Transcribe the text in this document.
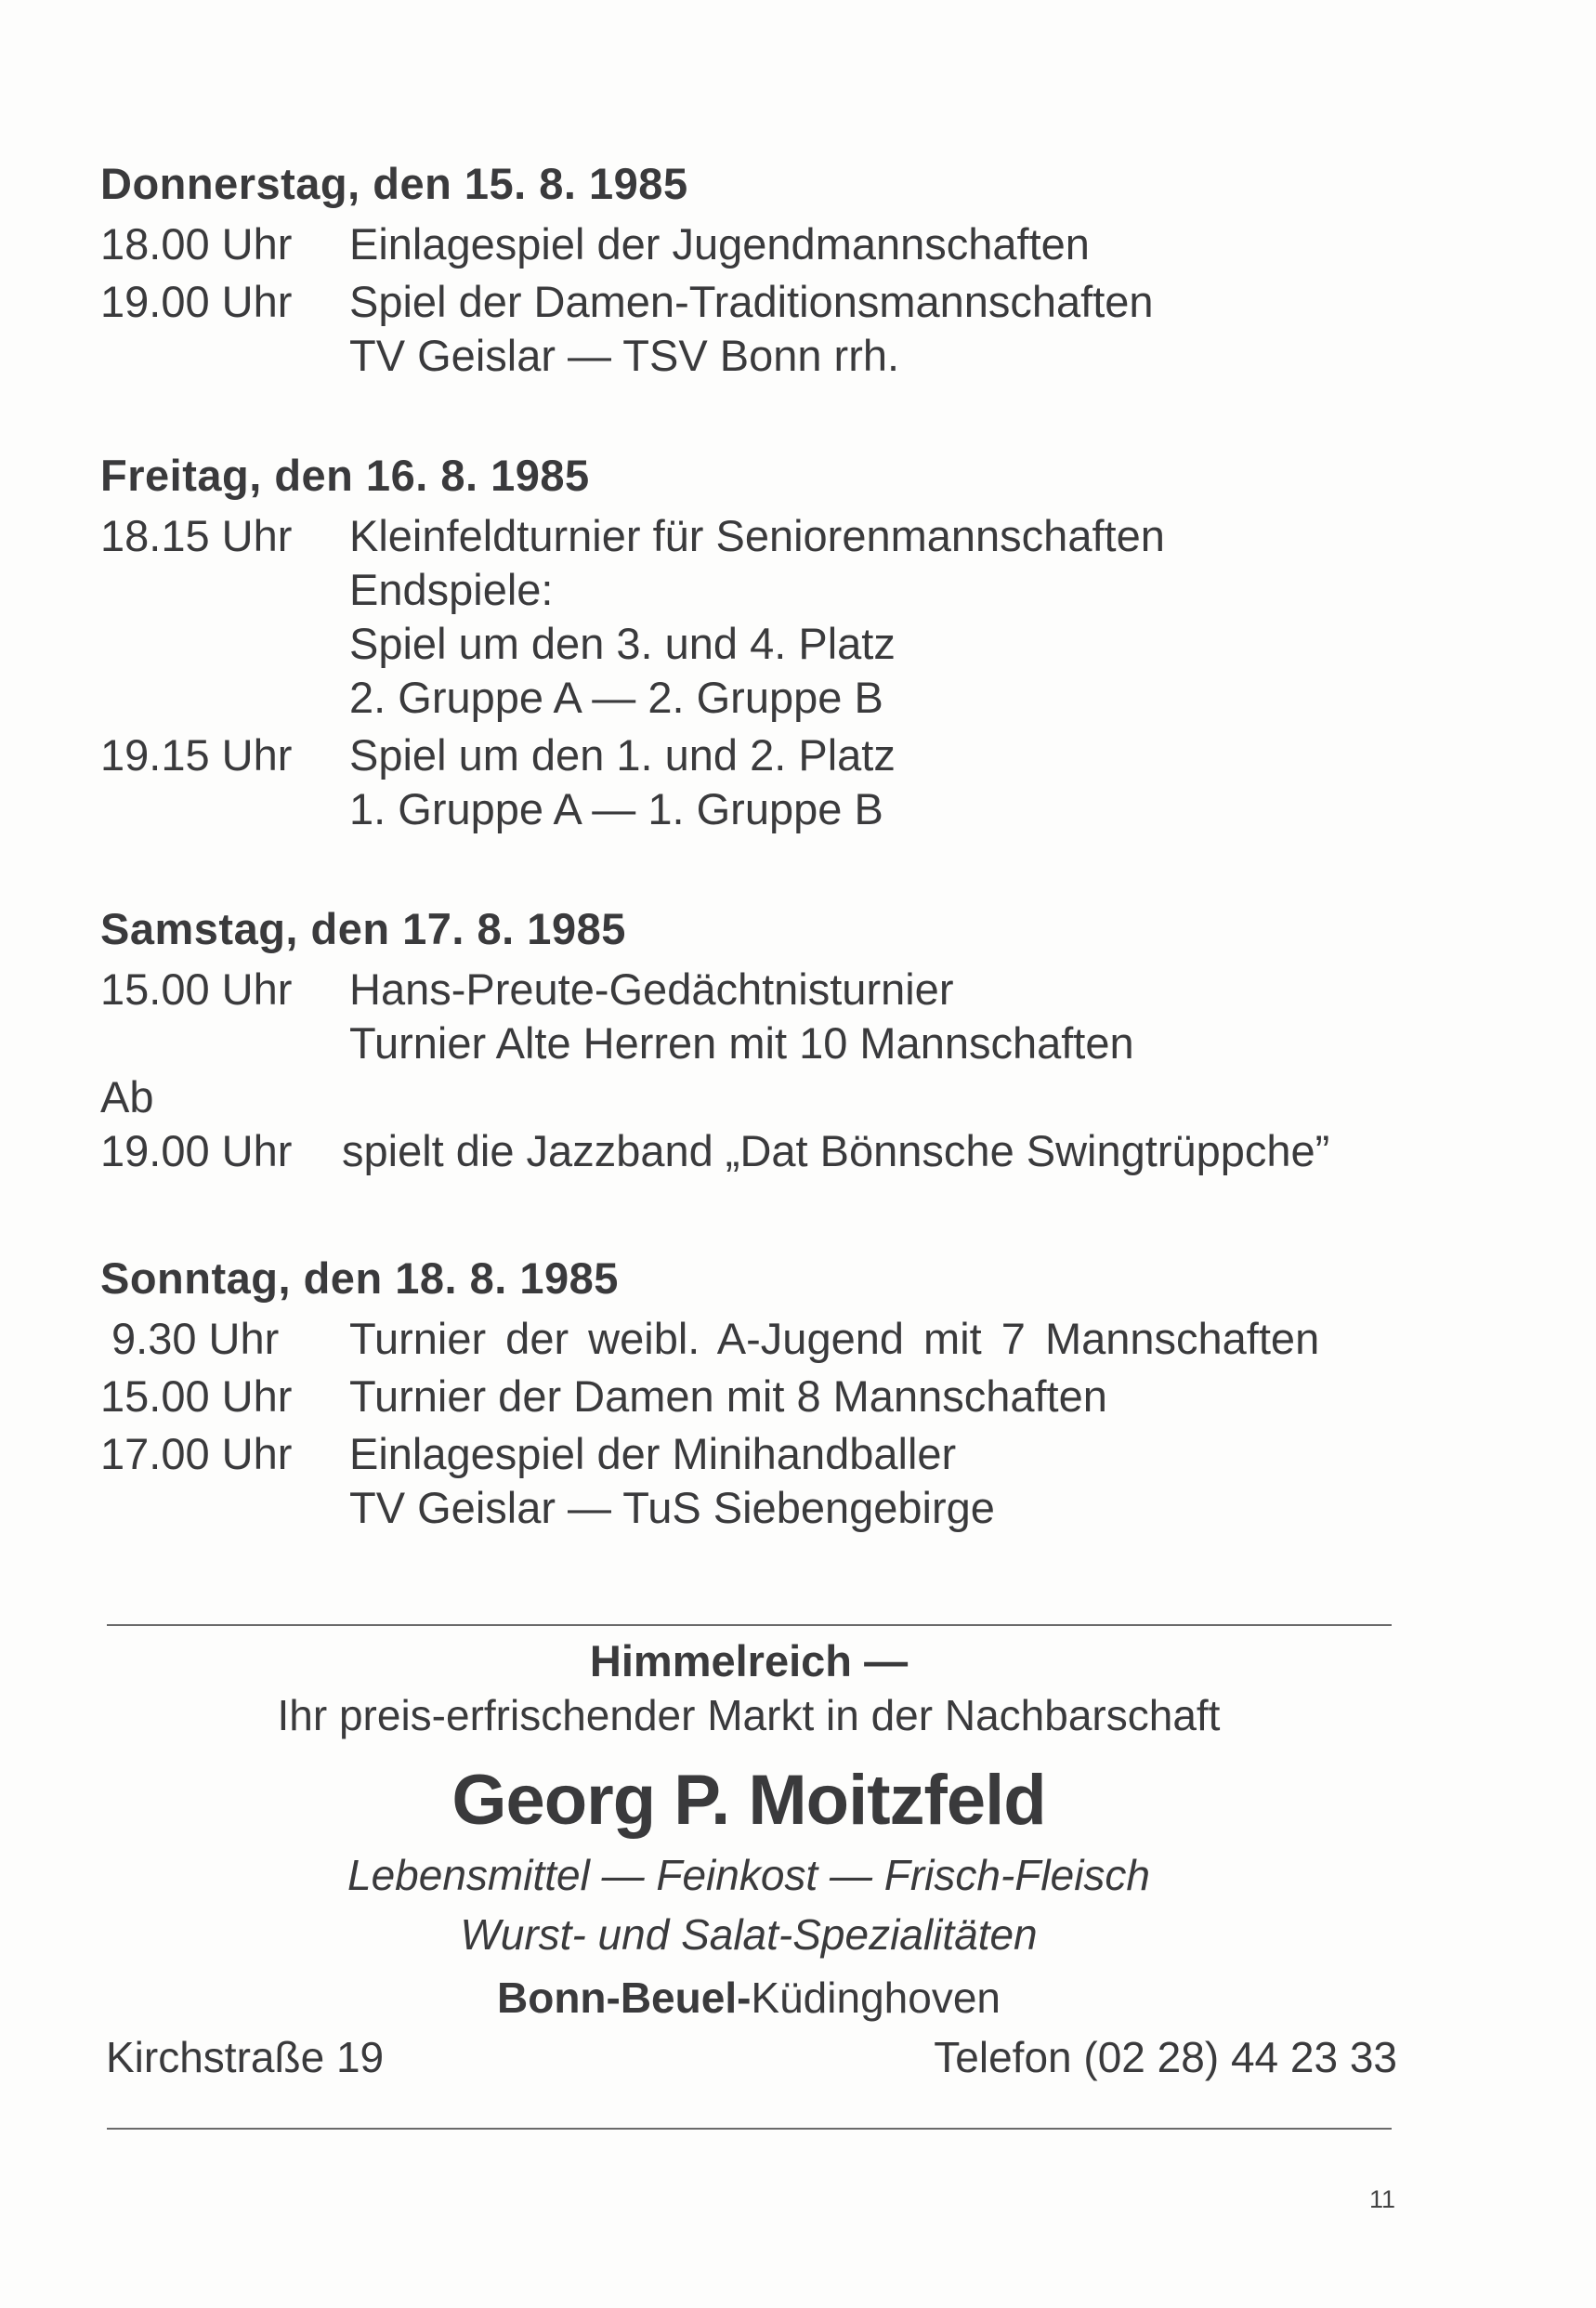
Donnerstag, den 15. 8. 1985
18.00 Uhr	Einlagespiel der Jugendmannschaften
19.00 Uhr	Spiel der Damen-Traditionsmannschaften
TV Geislar — TSV Bonn rrh.
Freitag, den 16. 8. 1985
18.15 Uhr	Kleinfeldturnier für Seniorenmannschaften
Endspiele:
Spiel um den 3. und 4. Platz
2. Gruppe A — 2. Gruppe B
19.15 Uhr	Spiel um den 1. und 2. Platz
1. Gruppe A — 1. Gruppe B
Samstag, den 17. 8. 1985
15.00 Uhr	Hans-Preute-Gedächtnisturnier
Turnier Alte Herren mit 10 Mannschaften
Ab
19.00 Uhr	spielt die Jazzband „Dat Bönnsche Swingtrüppche”
Sonntag, den 18. 8. 1985
9.30 Uhr	Turnier der weibl. A-Jugend mit 7 Mannschaften
15.00 Uhr	Turnier der Damen mit 8 Mannschaften
17.00 Uhr	Einlagespiel der Minihandballer
TV Geislar — TuS Siebengebirge
Himmelreich —
Ihr preis-erfrischender Markt in der Nachbarschaft
Georg P. Moitzfeld
Lebensmittel — Feinkost — Frisch-Fleisch
Wurst- und Salat-Spezialitäten
Bonn-Beuel-Küdinghoven
Kirchstraße 19	Telefon (02 28) 44 23 33
11
